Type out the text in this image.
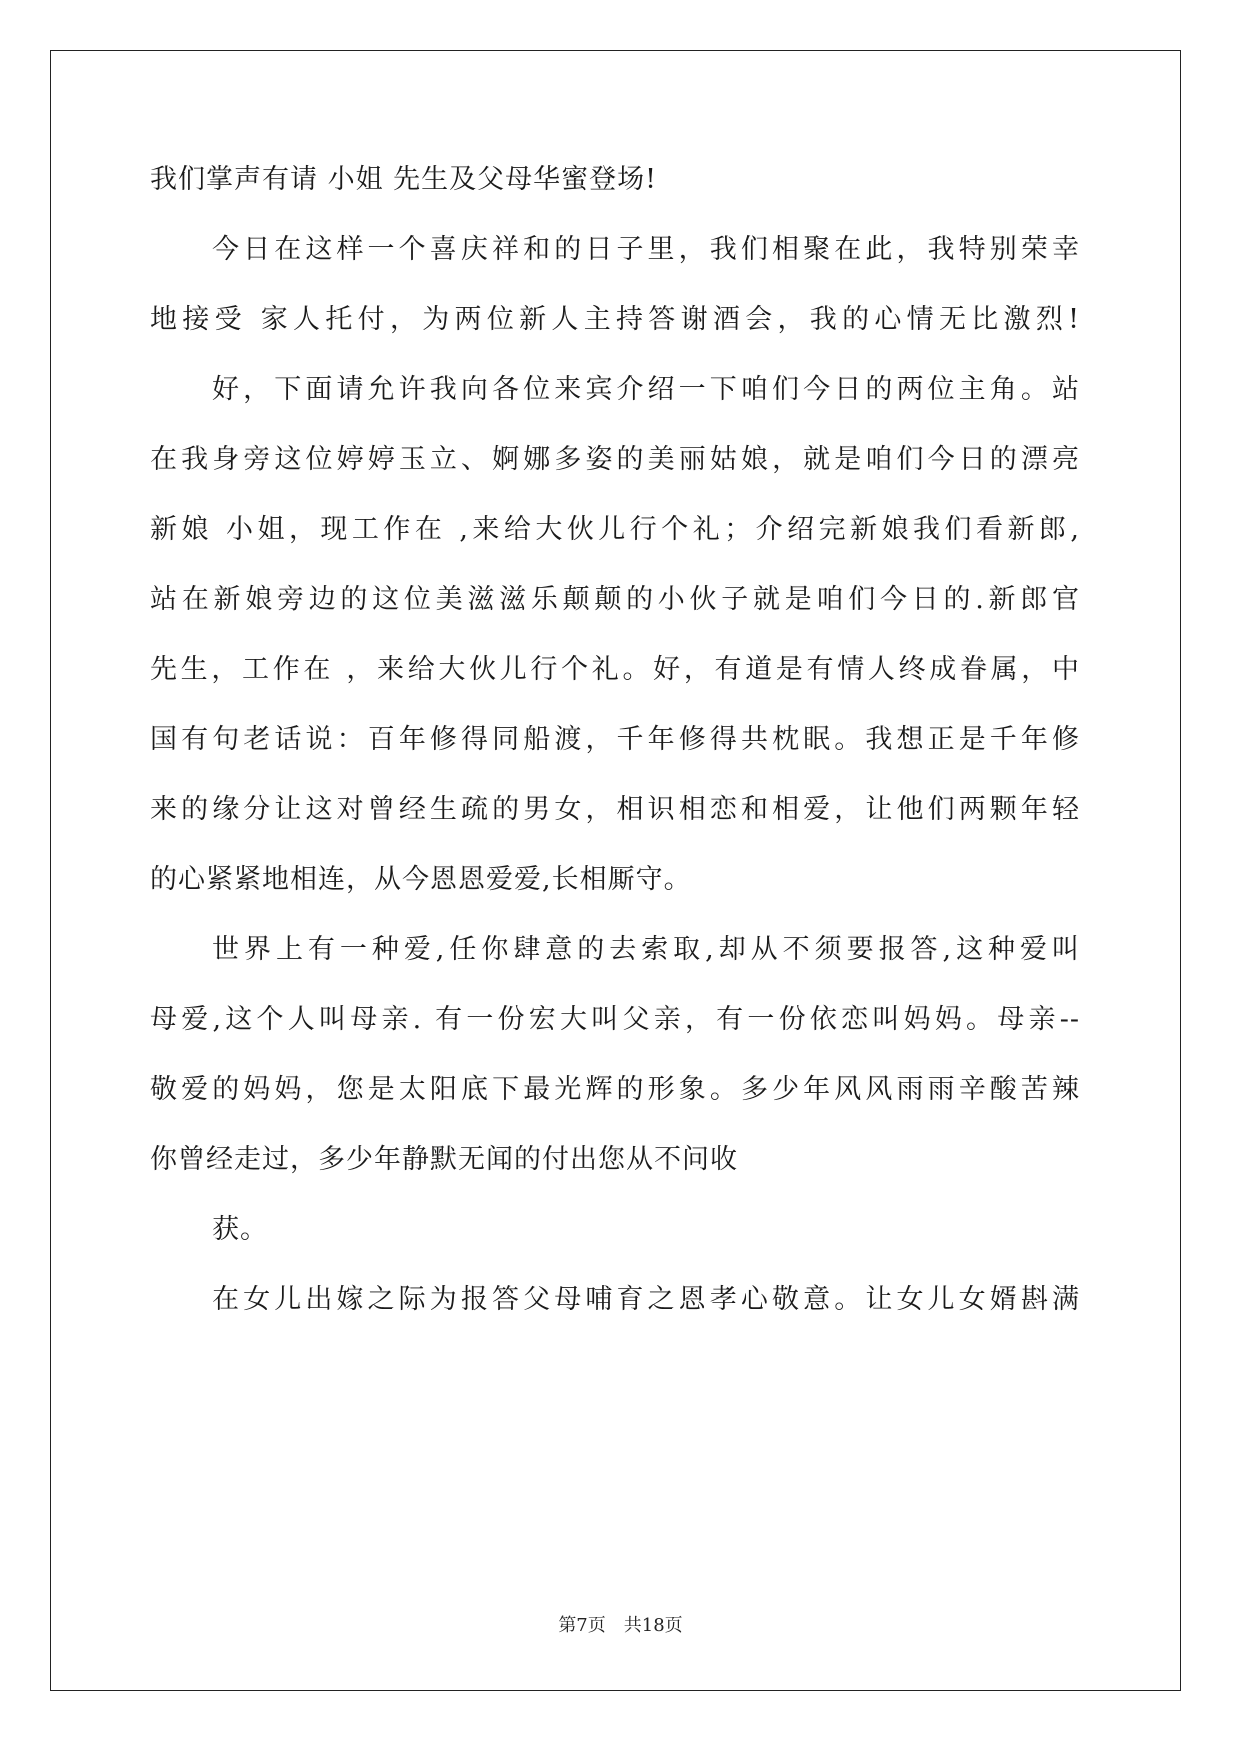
我们掌声有请 小姐 先生及父母华蜜登场!
今日在这样一个喜庆祥和的日子里，我们相聚在此，我特别荣幸
地接受 家人托付，为两位新人主持答谢酒会，我的心情无比激烈!
好，下面请允许我向各位来宾介绍一下咱们今日的两位主角。站
在我身旁这位婷婷玉立、婀娜多姿的美丽姑娘，就是咱们今日的漂亮
新娘 小姐，现工作在 ,来给大伙儿行个礼；介绍完新娘我们看新郎,
站在新娘旁边的这位美滋滋乐颠颠的小伙子就是咱们今日的.新郎官
先生，工作在 ，来给大伙儿行个礼。好，有道是有情人终成眷属，中
国有句老话说：百年修得同船渡，千年修得共枕眠。我想正是千年修
来的缘分让这对曾经生疏的男女，相识相恋和相爱，让他们两颗年轻
的心紧紧地相连，从今恩恩爱爱,长相厮守。
世界上有一种爱,任你肆意的去索取,却从不须要报答,这种爱叫
母爱,这个人叫母亲. 有一份宏大叫父亲，有一份依恋叫妈妈。母亲--
敬爱的妈妈，您是太阳底下最光辉的形象。多少年风风雨雨辛酸苦辣
你曾经走过，多少年静默无闻的付出您从不问收
获。
在女儿出嫁之际为报答父母哺育之恩孝心敬意。让女儿女婿斟满
第7页　共18页
